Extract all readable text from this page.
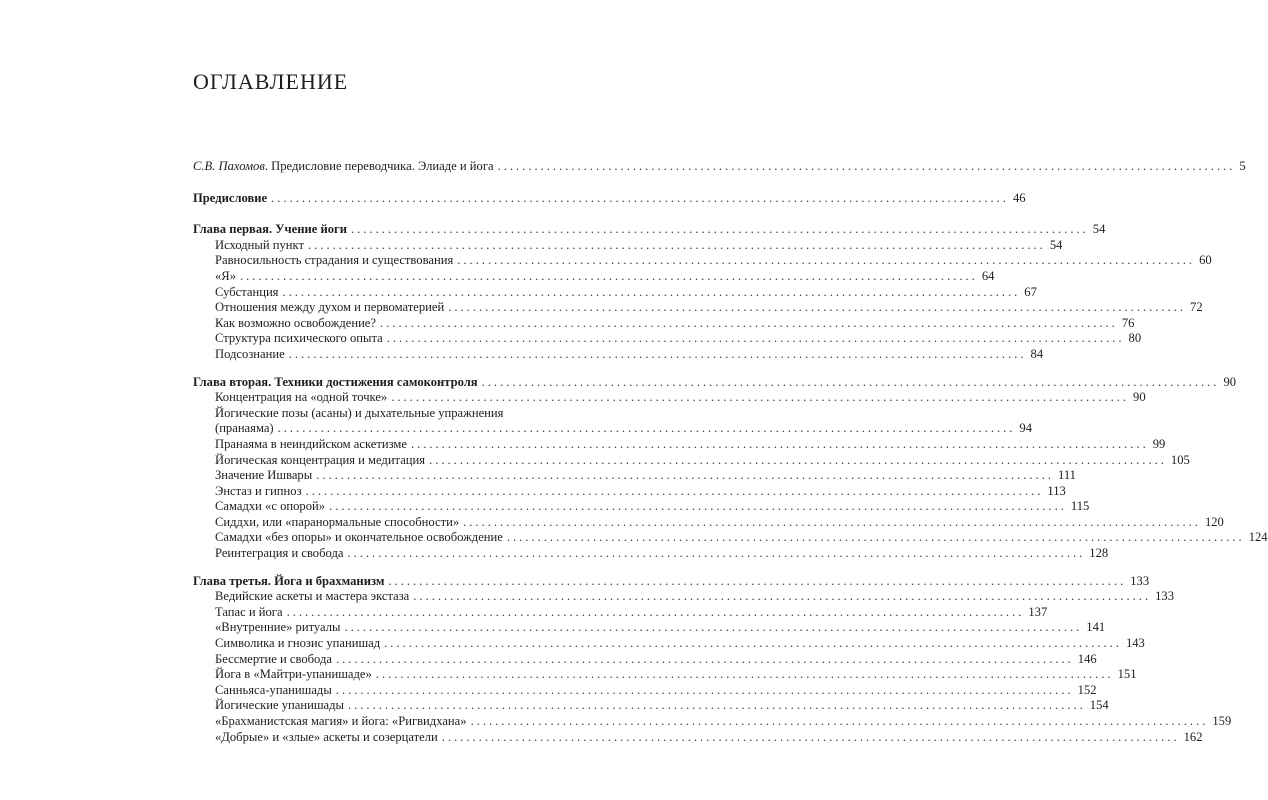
ОГЛАВЛЕНИЕ
С.В. Пахомов. Предисловие переводчика. Элиаде и йога ........................................................................................................................ 5
Предисловие ........................................................................................................................ 46
Глава первая. Учение йоги ........................................................................................................................ 54
Исходный пункт ........................................................................................................................ 54
Равносильность страдания и существования ........................................................................................................................ 60
«Я» ........................................................................................................................ 64
Субстанция ........................................................................................................................ 67
Отношения между духом и первоматерией ........................................................................................................................ 72
Как возможно освобождение? ........................................................................................................................ 76
Структура психического опыта ........................................................................................................................ 80
Подсознание ........................................................................................................................ 84
Глава вторая. Техники достижения самоконтроля ........................................................................................................................ 90
Концентрация на «одной точке» ........................................................................................................................ 90
Йогические позы (асаны) и дыхательные упражнения
(пранаяма) ........................................................................................................................ 94
Пранаяма в неиндийском аскетизме ........................................................................................................................ 99
Йогическая концентрация и медитация ........................................................................................................................ 105
Значение Ишвары ........................................................................................................................ 111
Энстаз и гипноз ........................................................................................................................ 113
Самадхи «с опорой» ........................................................................................................................ 115
Сиддхи, или «паранормальные способности» ........................................................................................................................ 120
Самадхи «без опоры» и окончательное освобождение ........................................................................................................................ 124
Реинтеграция и свобода ........................................................................................................................ 128
Глава третья. Йога и брахманизм ........................................................................................................................ 133
Ведийские аскеты и мастера экстаза ........................................................................................................................ 133
Тапас и йога ........................................................................................................................ 137
«Внутренние» ритуалы ........................................................................................................................ 141
Символика и гнозис упанишад ........................................................................................................................ 143
Бессмертие и свобода ........................................................................................................................ 146
Йога в «Майтри-упанишаде» ........................................................................................................................ 151
Санньяса-упанишады ........................................................................................................................ 152
Йогические упанишады ........................................................................................................................ 154
«Брахманистская магия» и йога: «Ригвидхана» ........................................................................................................................ 159
«Добрые» и «злые» аскеты и созерцатели ........................................................................................................................ 162
